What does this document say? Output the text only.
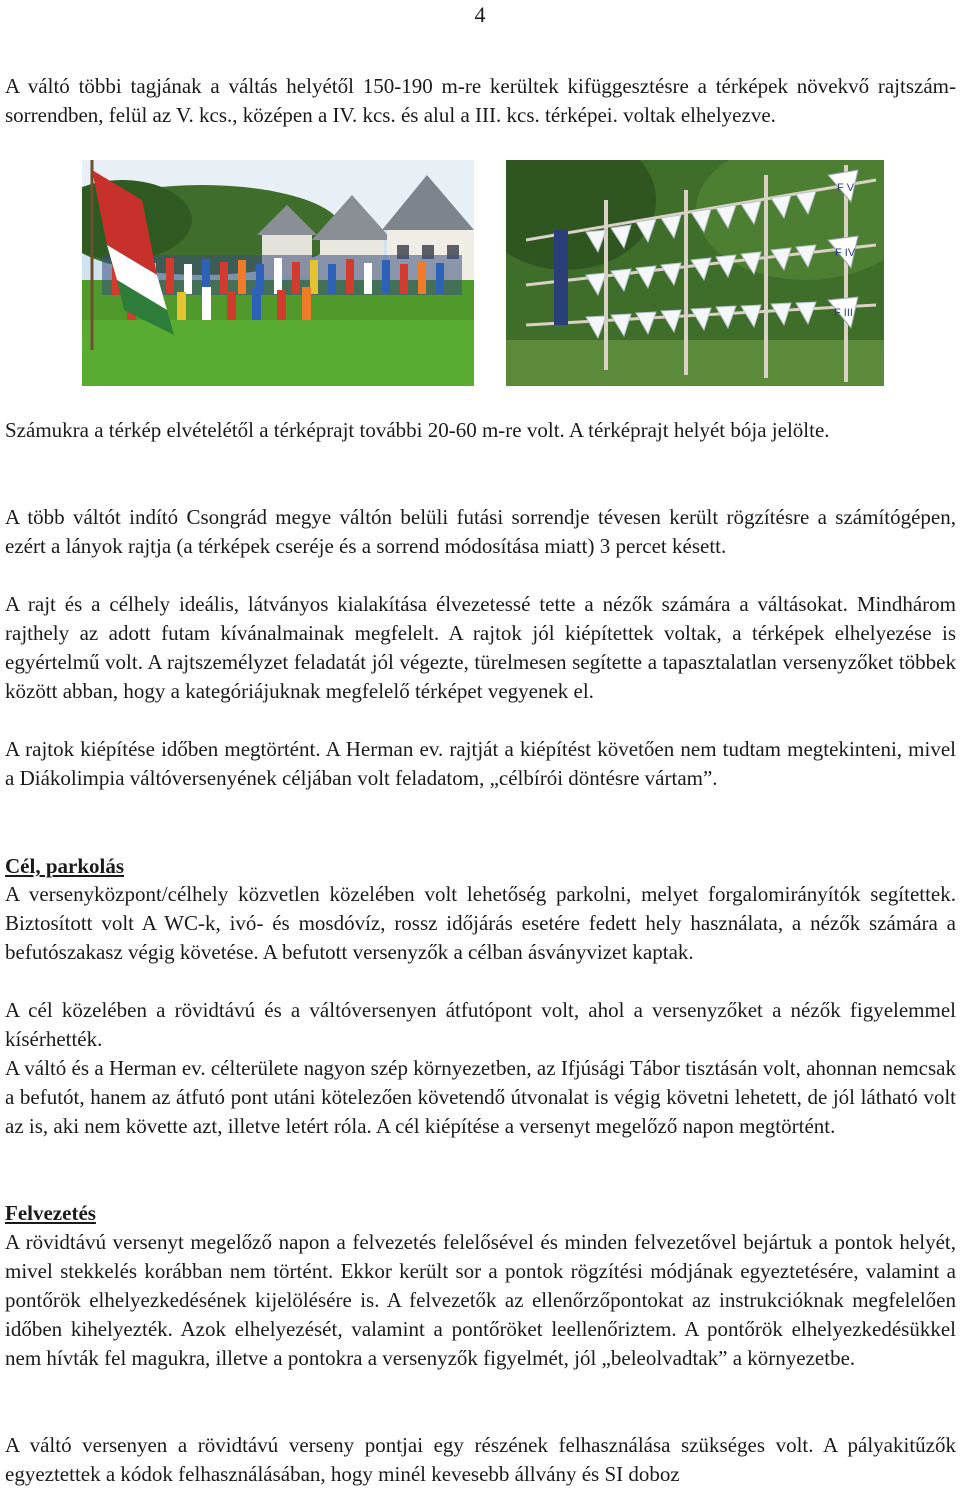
4

A váltó többi tagjának a váltás helyétől 150-190 m-re kerültek kifüggesztésre a térképek növekvő rajtszám-sorrendben, felül az V. kcs., középen a IV. kcs. és alul a III. kcs. térképei. voltak elhelyezve.

F V
F IV
F III

Számukra a térkép elvételétől a térképrajt további 20-60 m-re volt. A térképrajt helyét bója jelölte.

A több váltót indító Csongrád megye váltón belüli futási sorrendje tévesen került rögzítésre a számítógépen, ezért a lányok rajtja (a térképek cseréje és a sorrend módosítása miatt) 3 percet késett.

A rajt és a célhely ideális, látványos kialakítása élvezetessé tette a nézők számára a váltásokat. Mindhárom rajthely az adott futam kívánalmainak megfelelt. A rajtok jól kiépítettek voltak, a térképek elhelyezése is egyértelmű volt. A rajtszemélyzet feladatát jól végezte, türelmesen segítette a tapasztalatlan versenyzőket többek között abban, hogy a kategóriájuknak megfelelő térképet vegyenek el.

A rajtok kiépítése időben megtörtént. A Herman ev. rajtját a kiépítést követően nem tudtam megtekinteni, mivel a Diákolimpia váltóversenyének céljában volt feladatom, „célbírói döntésre vártam”.

Cél, parkolás

A versenyközpont/célhely közvetlen közelében volt lehetőség parkolni, melyet forgalomirányítók segítettek. Biztosított volt A WC-k, ivó- és mosdóvíz, rossz időjárás esetére fedett hely használata, a nézők számára a befutószakasz végig követése. A befutott versenyzők a célban ásványvizet kaptak.

A cél közelében a rövidtávú és a váltóversenyen átfutópont volt, ahol a versenyzőket a nézők figyelemmel kísérhették.

A váltó és a Herman ev. célterülete nagyon szép környezetben, az Ifjúsági Tábor tisztásán volt, ahonnan nemcsak a befutót, hanem az átfutó pont utáni kötelezően követendő útvonalat is végig követni lehetett, de jól látható volt az is, aki nem követte azt, illetve letért róla. A cél kiépítése a versenyt megelőző napon megtörtént.

Felvezetés

A rövidtávú versenyt megelőző napon a felvezetés felelősével és minden felvezetővel bejártuk a pontok helyét, mivel stekkelés korábban nem történt. Ekkor került sor a pontok rögzítési módjának egyeztetésére, valamint a pontőrök elhelyezkedésének kijelölésére is. A felvezetők az ellenőrzőpontokat az instrukcióknak megfelelően időben kihelyezték. Azok elhelyezését, valamint a pontőröket leellenőriztem. A pontőrök elhelyezkedésükkel nem hívták fel magukra, illetve a pontokra a versenyzők figyelmét, jól „beleolvadtak” a környezetbe.

A váltó versenyen a rövidtávú verseny pontjai egy részének felhasználása szükséges volt. A pályakitűzők egyeztettek a kódok felhasználásában, hogy minél kevesebb állvány és SI doboz
